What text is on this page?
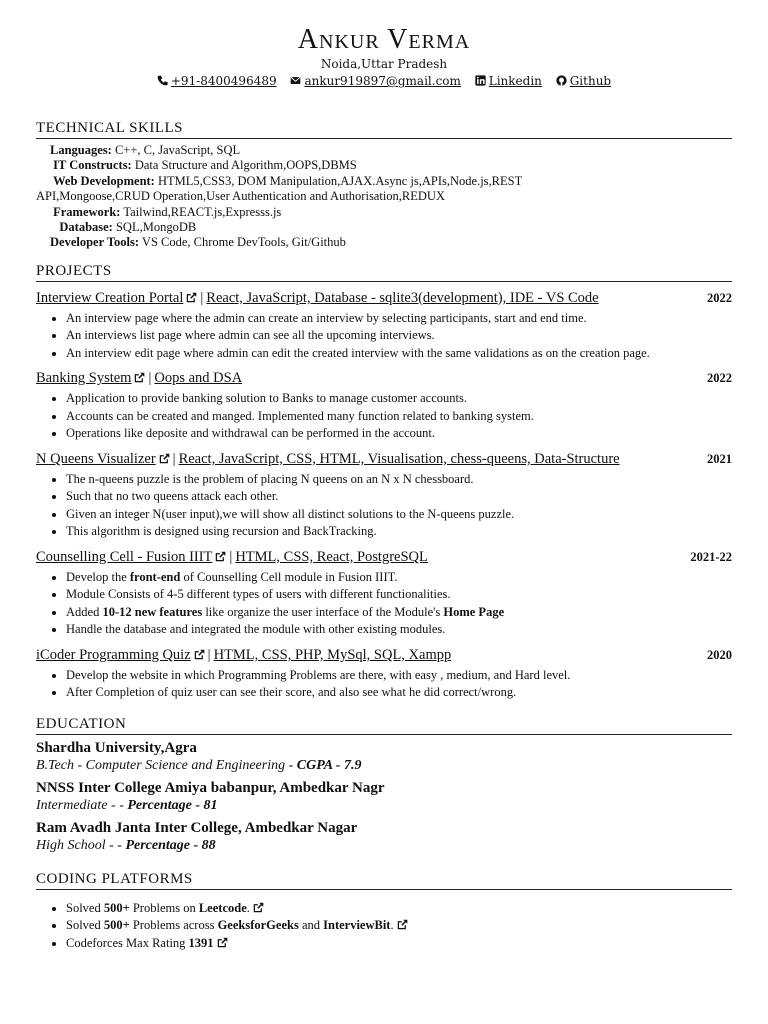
Ankur Verma
Noida,Uttar Pradesh
+91-8400496489 ankur919897@gmail.com Linkedin Github
TECHNICAL SKILLS
Languages: C++, C, JavaScript, SQL
IT Constructs: Data Structure and Algorithm,OOPS,DBMS
Web Development: HTML5,CSS3, DOM Manipulation,AJAX.Async js,APIs,Node.js,REST
API,Mongoose,CRUD Operation,User Authentication and Authorisation,REDUX
Framework: Tailwind,REACT.js,Expresss.js
Database: SQL,MongoDB
Developer Tools: VS Code, Chrome DevTools, Git/Github
PROJECTS
Interview Creation Portal | React, JavaScript, Database - sqlite3(development), IDE - VS Code	2022
• An interview page where the admin can create an interview by selecting participants, start and end time.
• An interviews list page where admin can see all the upcoming interviews.
• An interview edit page where admin can edit the created interview with the same validations as on the creation page.
Banking System | Oops and DSA	2022
• Application to provide banking solution to Banks to manage customer accounts.
• Accounts can be created and manged. Implemented many function related to banking system.
• Operations like deposite and withdrawal can be performed in the account.
N Queens Visualizer | React, JavaScript, CSS, HTML, Visualisation, chess-queens, Data-Structure	2021
• The n-queens puzzle is the problem of placing N queens on an N x N chessboard.
• Such that no two queens attack each other.
• Given an integer N(user input),we will show all distinct solutions to the N-queens puzzle.
• This algorithm is designed using recursion and BackTracking.
Counselling Cell - Fusion IIIT | HTML, CSS, React, PostgreSQL	2021-22
• Develop the front-end of Counselling Cell module in Fusion IIIT.
• Module Consists of 4-5 different types of users with different functionalities.
• Added 10-12 new features like organize the user interface of the Module's Home Page
• Handle the database and integrated the module with other existing modules.
iCoder Programming Quiz | HTML, CSS, PHP, MySql, SQL, Xampp	2020
• Develop the website in which Programming Problems are there, with easy , medium, and Hard level.
• After Completion of quiz user can see their score, and also see what he did correct/wrong.
EDUCATION
Shardha University,Agra
B.Tech - Computer Science and Engineering - CGPA - 7.9
NNSS Inter College Amiya babanpur, Ambedkar Nagr
Intermediate - - Percentage - 81
Ram Avadh Janta Inter College, Ambedkar Nagar
High School - - Percentage - 88
CODING PLATFORMS
• Solved 500+ Problems on Leetcode.
• Solved 500+ Problems across GeeksforGeeks and InterviewBit.
• Codeforces Max Rating 1391
